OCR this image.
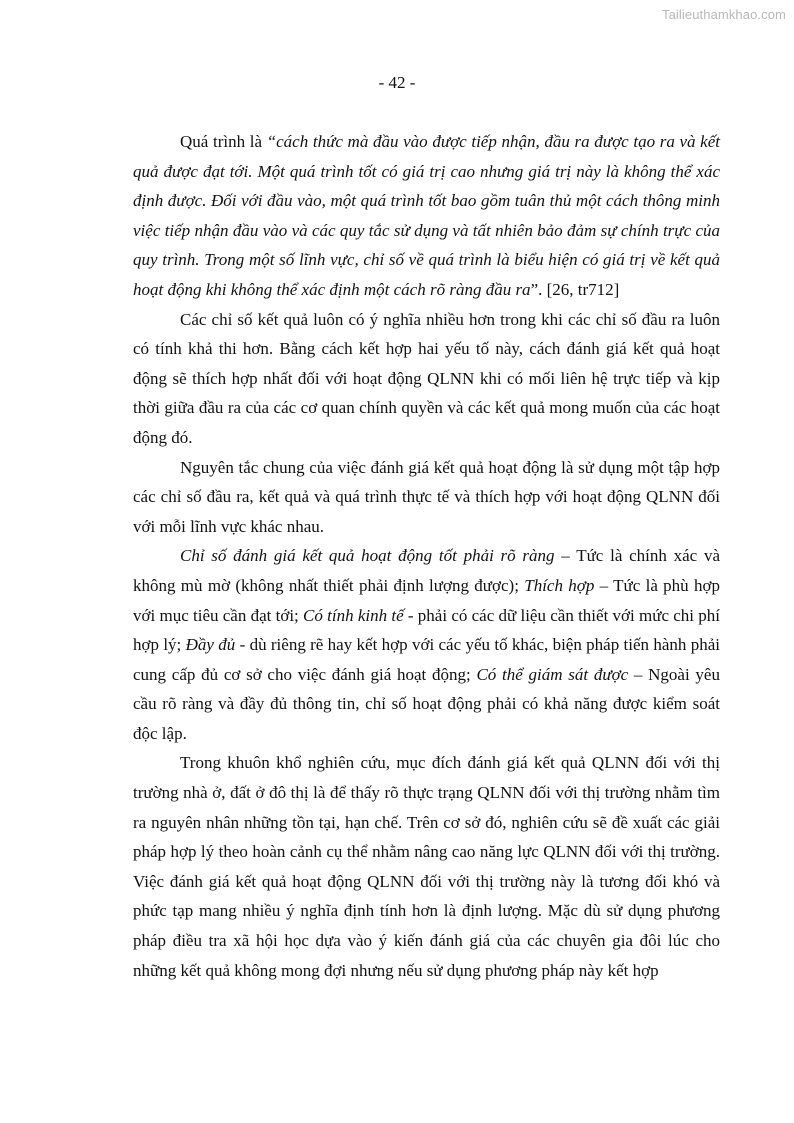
Tailieuthamkhao.com
- 42 -

Quá trình là “cách thức mà đầu vào được tiếp nhận, đầu ra được tạo ra và kết quả được đạt tới. Một quá trình tốt có giá trị cao nhưng giá trị này là không thể xác định được. Đối với đầu vào, một quá trình tốt bao gồm tuân thủ một cách thông minh việc tiếp nhận đầu vào và các quy tắc sử dụng và tất nhiên bảo đảm sự chính trực của quy trình. Trong một số lĩnh vực, chỉ số về quá trình là biểu hiện có giá trị về kết quả hoạt động khi không thể xác định một cách rõ ràng đầu ra”. [26, tr712]

Các chỉ số kết quả luôn có ý nghĩa nhiều hơn trong khi các chỉ số đầu ra luôn có tính khả thi hơn. Bằng cách kết hợp hai yếu tố này, cách đánh giá kết quả hoạt động sẽ thích hợp nhất đối với hoạt động QLNN khi có mối liên hệ trực tiếp và kịp thời giữa đầu ra của các cơ quan chính quyền và các kết quả mong muốn của các hoạt động đó.

Nguyên tắc chung của việc đánh giá kết quả hoạt động là sử dụng một tập hợp các chỉ số đầu ra, kết quả và quá trình thực tế và thích hợp với hoạt động QLNN đối với mỗi lĩnh vực khác nhau.

Chỉ số đánh giá kết quả hoạt động tốt phải rõ ràng – Tức là chính xác và không mù mờ (không nhất thiết phải định lượng được); Thích hợp – Tức là phù hợp với mục tiêu cần đạt tới; Có tính kinh tế - phải có các dữ liệu cần thiết với mức chi phí hợp lý; Đầy đủ - dù riêng rẽ hay kết hợp với các yếu tố khác, biện pháp tiến hành phải cung cấp đủ cơ sở cho việc đánh giá hoạt động; Có thể giám sát được – Ngoài yêu cầu rõ ràng và đầy đủ thông tin, chỉ số hoạt động phải có khả năng được kiểm soát độc lập.

Trong khuôn khổ nghiên cứu, mục đích đánh giá kết quả QLNN đối với thị trường nhà ở, đất ở đô thị là để thấy rõ thực trạng QLNN đối với thị trường nhằm tìm ra nguyên nhân những tồn tại, hạn chế. Trên cơ sở đó, nghiên cứu sẽ đề xuất các giải pháp hợp lý theo hoàn cảnh cụ thể nhằm nâng cao năng lực QLNN đối với thị trường. Việc đánh giá kết quả hoạt động QLNN đối với thị trường này là tương đối khó và phức tạp mang nhiều ý nghĩa định tính hơn là định lượng. Mặc dù sử dụng phương pháp điều tra xã hội học dựa vào ý kiến đánh giá của các chuyên gia đôi lúc cho những kết quả không mong đợi nhưng nếu sử dụng phương pháp này kết hợp
